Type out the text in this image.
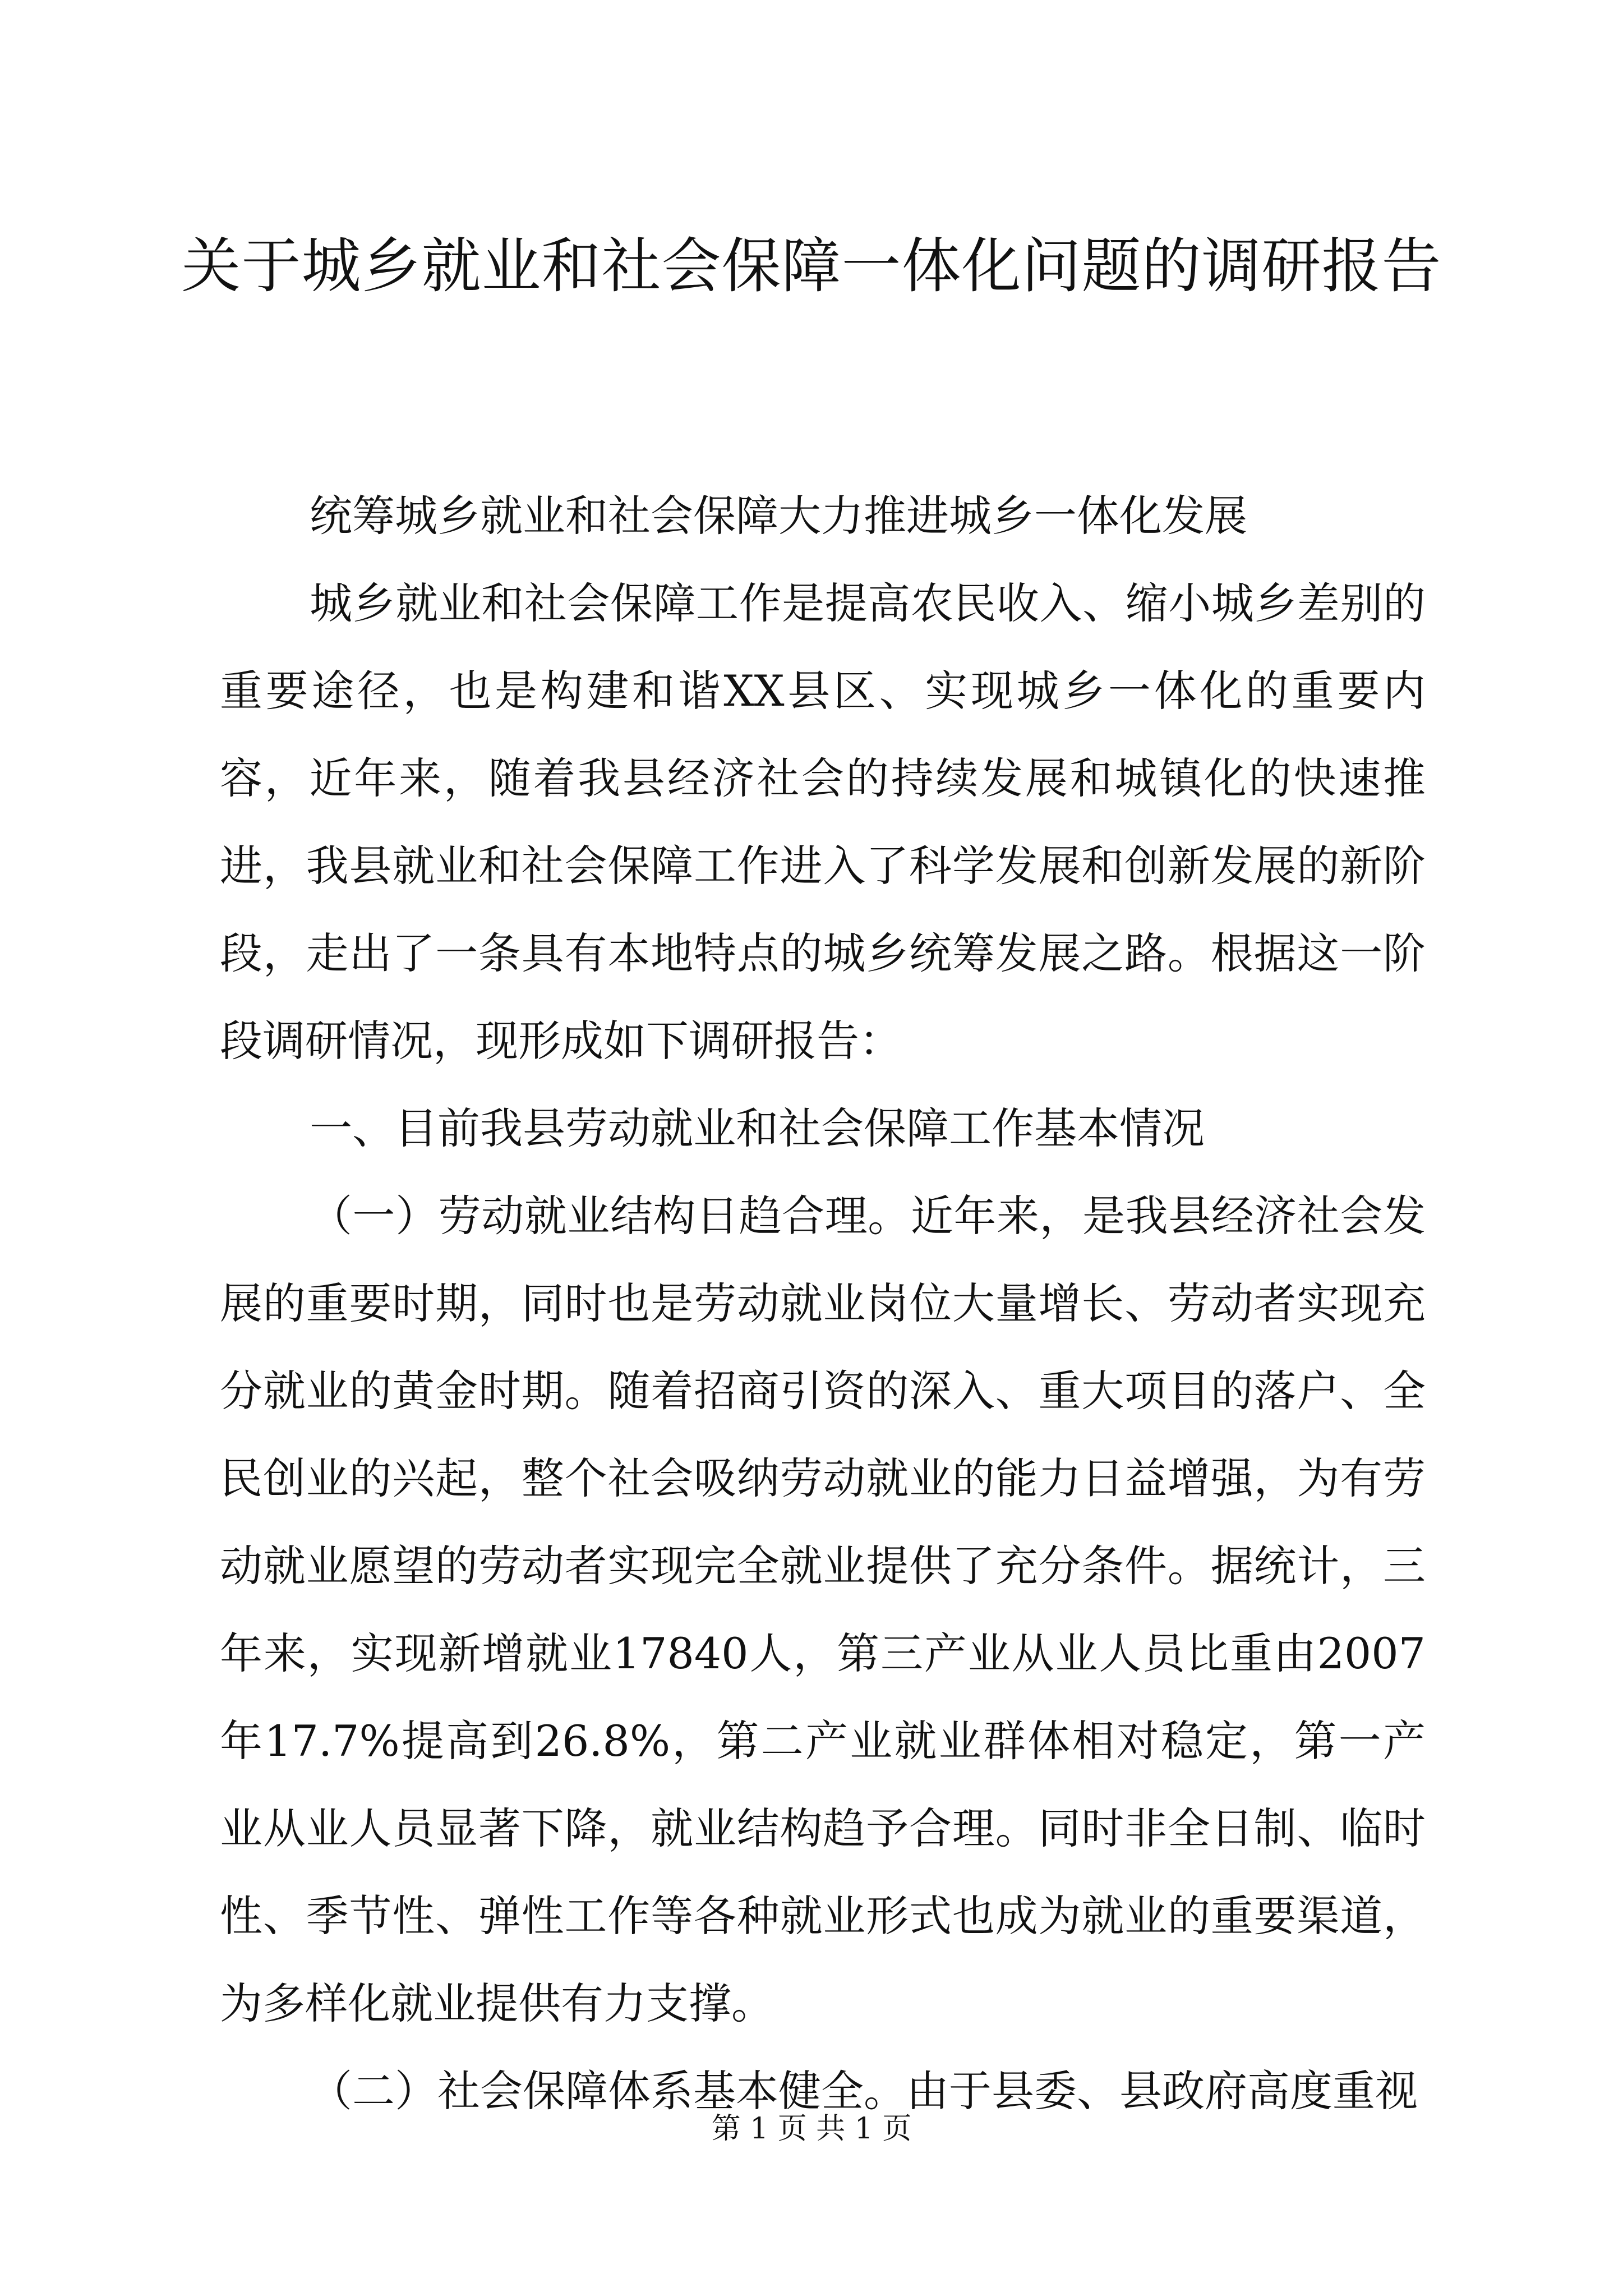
关于城乡就业和社会保障一体化问题的调研报告

统筹城乡就业和社会保障大力推进城乡一体化发展

城乡就业和社会保障工作是提高农民收入、缩小城乡差别的重要途径，也是构建和谐XX县区、实现城乡一体化的重要内容，近年来，随着我县经济社会的持续发展和城镇化的快速推进，我县就业和社会保障工作进入了科学发展和创新发展的新阶段，走出了一条具有本地特点的城乡统筹发展之路。根据这一阶段调研情况，现形成如下调研报告：

一、目前我县劳动就业和社会保障工作基本情况

（一）劳动就业结构日趋合理。近年来，是我县经济社会发展的重要时期，同时也是劳动就业岗位大量增长、劳动者实现充分就业的黄金时期。随着招商引资的深入、重大项目的落户、全民创业的兴起，整个社会吸纳劳动就业的能力日益增强，为有劳动就业愿望的劳动者实现完全就业提供了充分条件。据统计，三年来，实现新增就业17840人，第三产业从业人员比重由2007年17.7%提高到26.8%，第二产业就业群体相对稳定，第一产业从业人员显著下降，就业结构趋予合理。同时非全日制、临时性、季节性、弹性工作等各种就业形式也成为就业的重要渠道，为多样化就业提供有力支撑。

（二）社会保障体系基本健全。由于县委、县政府高度重视

第 1 页 共 1 页
